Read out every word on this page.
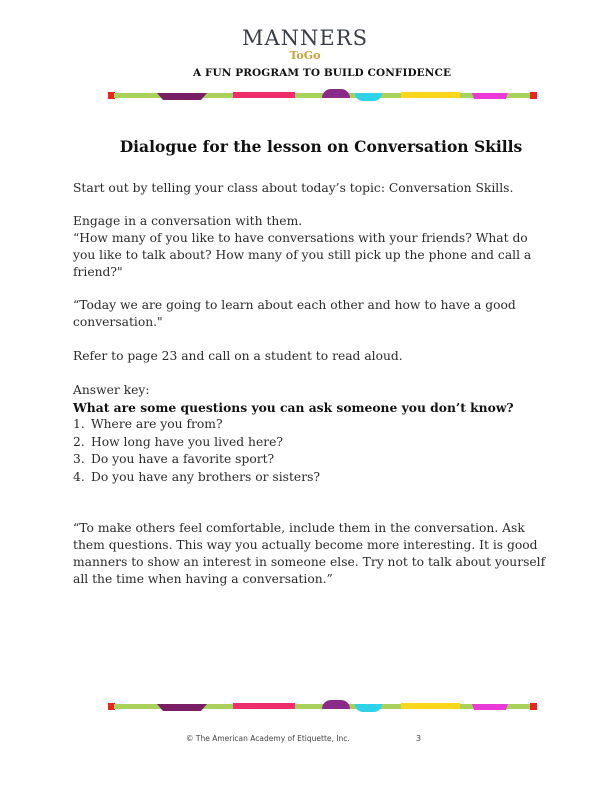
MANNERS
ToGo
A FUN PROGRAM TO BUILD CONFIDENCE
Dialogue for the lesson on Conversation Skills
Start out by telling your class about today’s topic: Conversation Skills.
Engage in a conversation with them.
“How many of you like to have conversations with your friends? What do you like to talk about? How many of you still pick up the phone and call a friend?"
“Today we are going to learn about each other and how to have a good conversation."
Refer to page 23 and call on a student to read aloud.
Answer key:
What are some questions you can ask someone you don’t know?
1. Where are you from?
2. How long have you lived here?
3. Do you have a favorite sport?
4. Do you have any brothers or sisters?
“To make others feel comfortable, include them in the conversation. Ask them questions. This way you actually become more interesting. It is good manners to show an interest in someone else. Try not to talk about yourself all the time when having a conversation.”
© The American Academy of Etiquette, Inc.	3
